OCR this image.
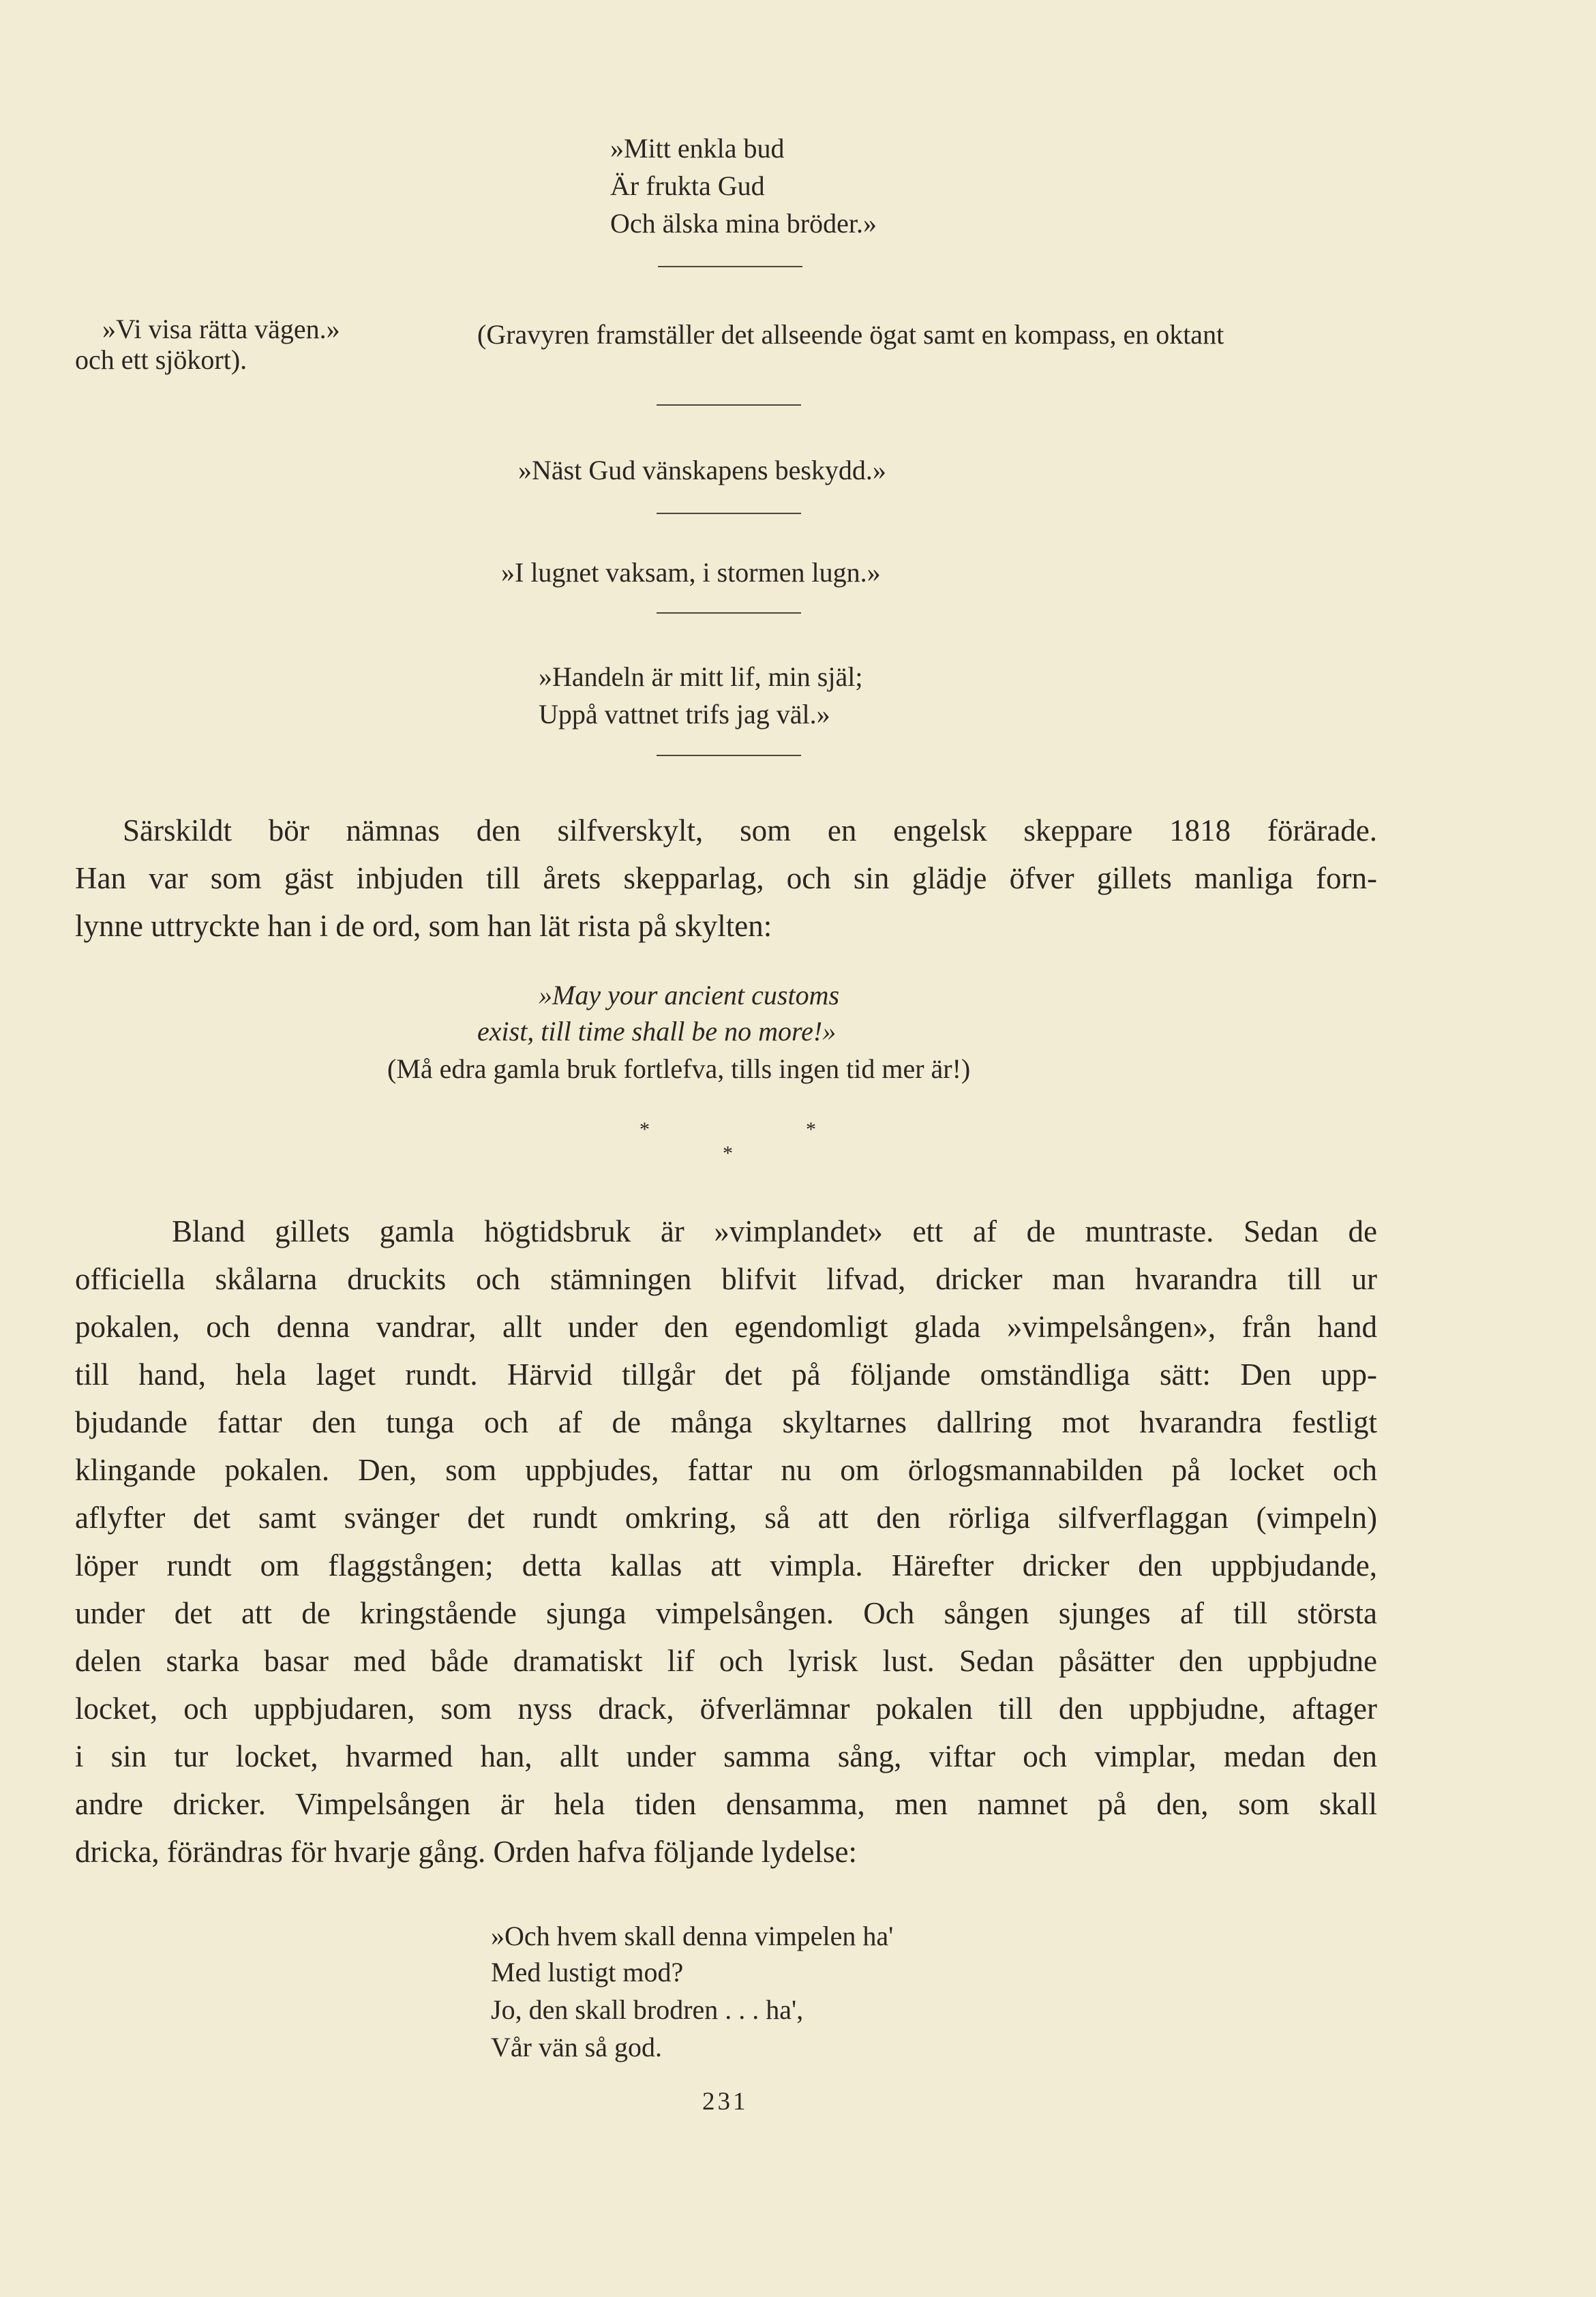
»Mitt enkla bud
Är frukta Gud
Och älska mina bröder.»
»Vi visa rätta vägen.»	(Gravyren framställer det allseende ögat samt en kompass, en oktant
och ett sjökort).
»Näst Gud vänskapens beskydd.»
»I lugnet vaksam, i stormen lugn.»
»Handeln är mitt lif, min själ;
Uppå vattnet trifs jag väl.»
Särskildt bör nämnas den silfverskylt, som en engelsk skeppare 1818 förärade.
Han var som gäst inbjuden till årets skepparlag, och sin glädje öfver gillets manliga forn-
lynne uttryckte han i de ord, som han lät rista på skylten:
»May your ancient customs
exist, till time shall be no more!»
(Må edra gamla bruk fortlefva, tills ingen tid mer är!)
*	*
*
Bland gillets gamla högtidsbruk är »vimplandet» ett af de muntraste. Sedan de
officiella skålarna druckits och stämningen blifvit lifvad, dricker man hvarandra till ur
pokalen, och denna vandrar, allt under den egendomligt glada »vimpelsången», från hand
till hand, hela laget rundt. Härvid tillgår det på följande omständliga sätt: Den upp-
bjudande fattar den tunga och af de många skyltarnes dallring mot hvarandra festligt
klingande pokalen. Den, som uppbjudes, fattar nu om örlogsmannabilden på locket och
aflyfter det samt svänger det rundt omkring, så att den rörliga silfverflaggan (vimpeln)
löper rundt om flaggstången; detta kallas att vimpla. Härefter dricker den uppbjudande,
under det att de kringstående sjunga vimpelsången. Och sången sjunges af till största
delen starka basar med både dramatiskt lif och lyrisk lust. Sedan påsätter den uppbjudne
locket, och uppbjudaren, som nyss drack, öfverlämnar pokalen till den uppbjudne, aftager
i sin tur locket, hvarmed han, allt under samma sång, viftar och vimplar, medan den
andre dricker. Vimpelsången är hela tiden densamma, men namnet på den, som skall
dricka, förändras för hvarje gång. Orden hafva följande lydelse:
»Och hvem skall denna vimpelen ha'
Med lustigt mod?
Jo, den skall brodren . . . ha',
Vår vän så god.
231
